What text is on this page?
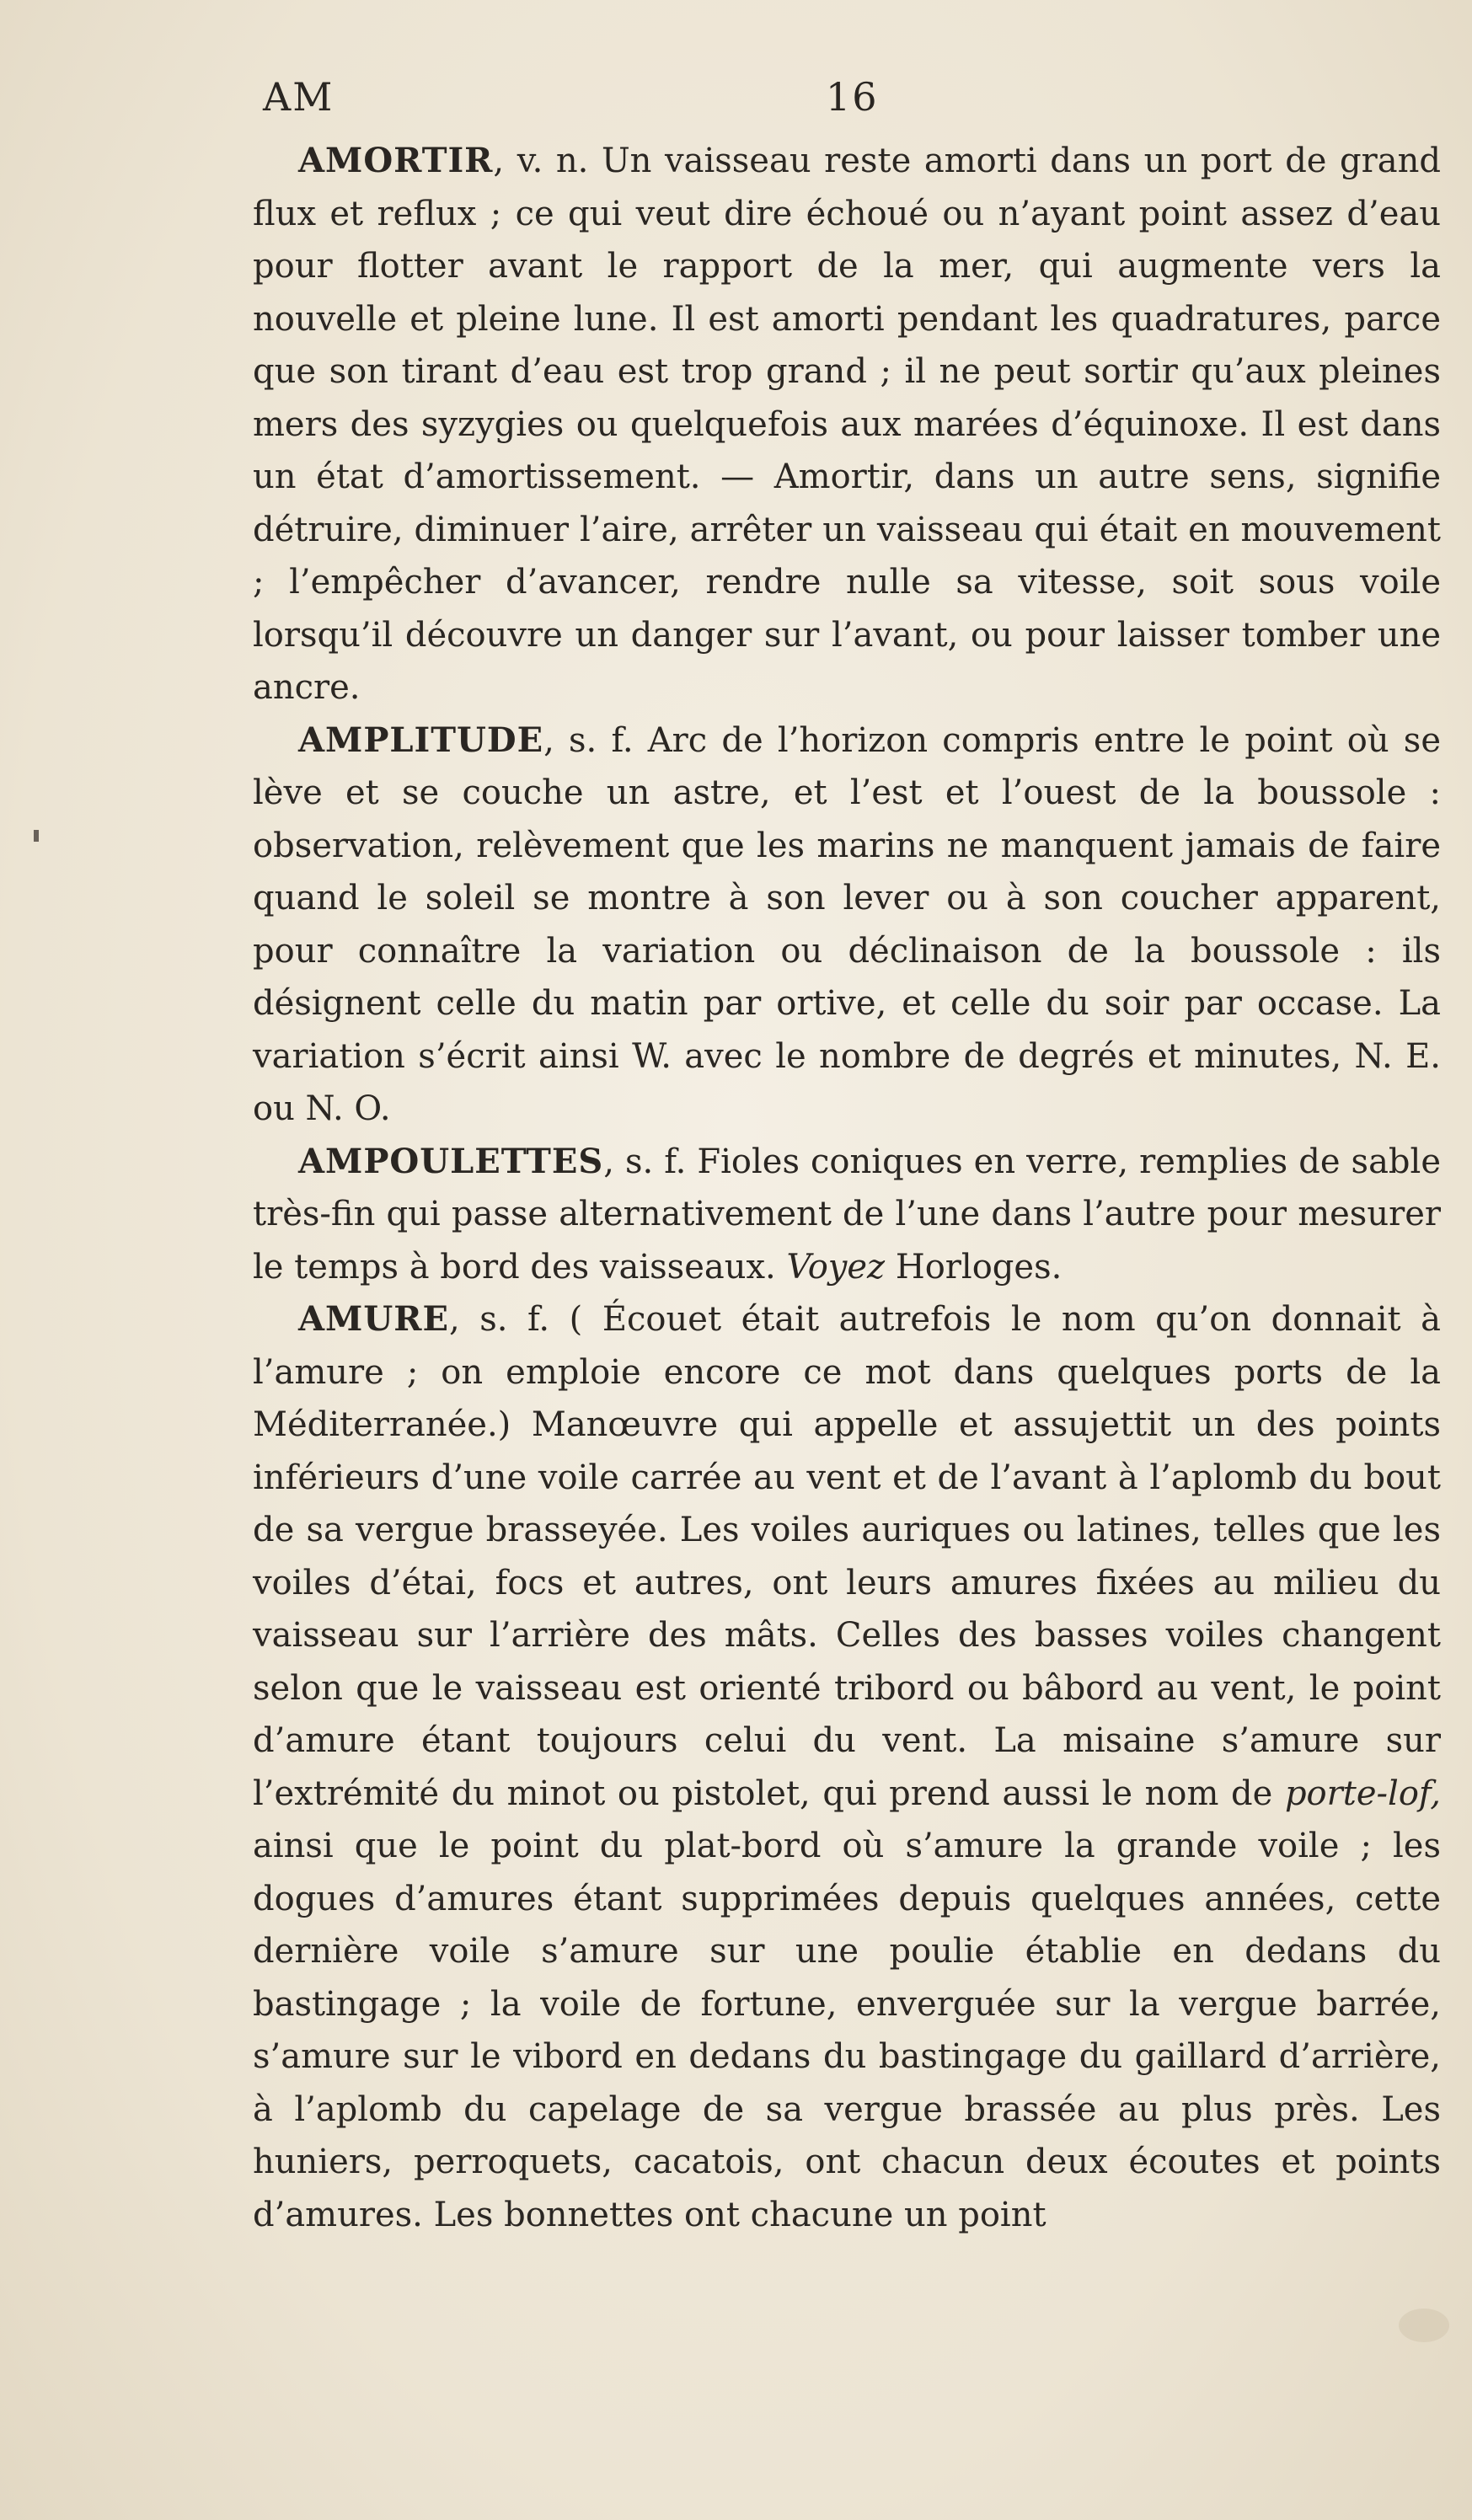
AM	16

AMORTIR, v. n. Un vaisseau reste amorti dans un port de grand flux et reflux ; ce qui veut dire échoué ou n’ayant point assez d’eau pour flotter avant le rapport de la mer, qui augmente vers la nouvelle et pleine lune. Il est amorti pendant les quadratures, parce que son tirant d’eau est trop grand ; il ne peut sortir qu’aux pleines mers des syzygies ou quelquefois aux marées d’équinoxe. Il est dans un état d’amortissement. — Amortir, dans un autre sens, signifie détruire, diminuer l’aire, arrêter un vaisseau qui était en mouvement ; l’empêcher d’avancer, rendre nulle sa vitesse, soit sous voile lorsqu’il découvre un danger sur l’avant, ou pour laisser tomber une ancre.

AMPLITUDE, s. f. Arc de l’horizon compris entre le point où se lève et se couche un astre, et l’est et l’ouest de la boussole : observation, relèvement que les marins ne manquent jamais de faire quand le soleil se montre à son lever ou à son coucher apparent, pour connaître la variation ou déclinaison de la boussole : ils désignent celle du matin par ortive, et celle du soir par occase. La variation s’écrit ainsi W. avec le nombre de degrés et minutes, N. E. ou N. O.

AMPOULETTES, s. f. Fioles coniques en verre, remplies de sable très-fin qui passe alternativement de l’une dans l’autre pour mesurer le temps à bord des vaisseaux. Voyez Horloges.

AMURE, s. f. ( Écouet était autrefois le nom qu’on donnait à l’amure ; on emploie encore ce mot dans quelques ports de la Méditerranée.) Manœuvre qui appelle et assujettit un des points inférieurs d’une voile carrée au vent et de l’avant à l’aplomb du bout de sa vergue brasseyée. Les voiles auriques ou latines, telles que les voiles d’étai, focs et autres, ont leurs amures fixées au milieu du vaisseau sur l’arrière des mâts. Celles des basses voiles changent selon que le vaisseau est orienté tribord ou bâbord au vent, le point d’amure étant toujours celui du vent. La misaine s’amure sur l’extrémité du minot ou pistolet, qui prend aussi le nom de porte-lof, ainsi que le point du plat-bord où s’amure la grande voile ; les dogues d’amures étant supprimées depuis quelques années, cette dernière voile s’amure sur une poulie établie en dedans du bastingage ; la voile de fortune, enverguée sur la vergue barrée, s’amure sur le vibord en dedans du bastingage du gaillard d’arrière, à l’aplomb du capelage de sa vergue brassée au plus près. Les huniers, perroquets, cacatois, ont chacun deux écoutes et points d’amures. Les bonnettes ont chacune un point
